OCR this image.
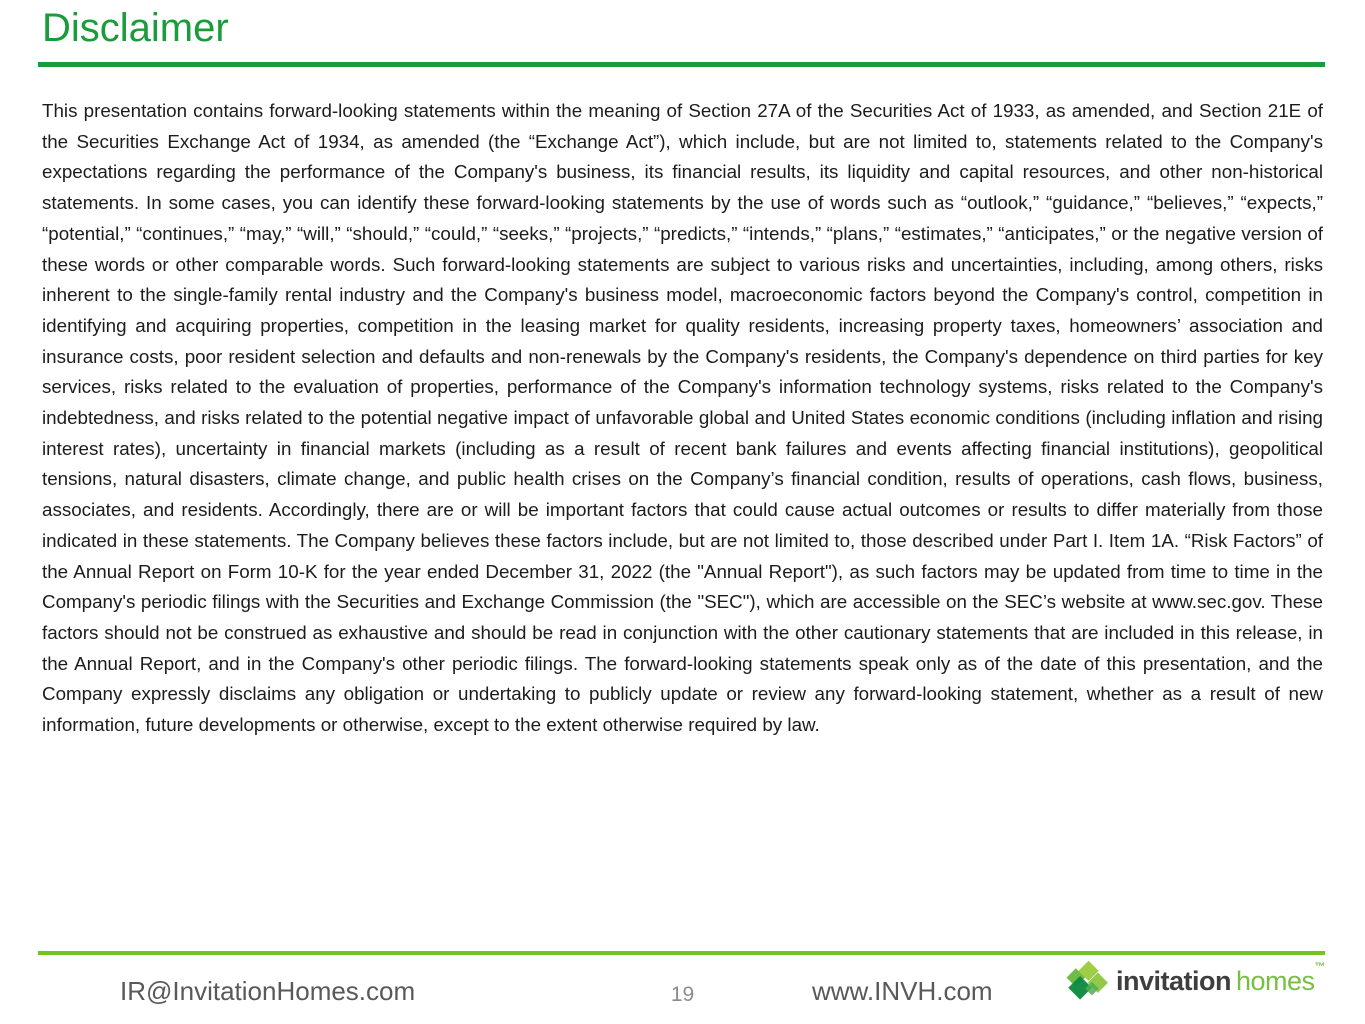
Disclaimer

This presentation contains forward-looking statements within the meaning of Section 27A of the Securities Act of 1933, as amended, and Section 21E of the Securities Exchange Act of 1934, as amended (the “Exchange Act”), which include, but are not limited to, statements related to the Company's expectations regarding the performance of the Company's business, its financial results, its liquidity and capital resources, and other non-historical statements. In some cases, you can identify these forward-looking statements by the use of words such as “outlook,” “guidance,” “believes,” “expects,” “potential,” “continues,” “may,” “will,” “should,” “could,” “seeks,” “projects,” “predicts,” “intends,” “plans,” “estimates,” “anticipates,” or the negative version of these words or other comparable words. Such forward-looking statements are subject to various risks and uncertainties, including, among others, risks inherent to the single-family rental industry and the Company's business model, macroeconomic factors beyond the Company's control, competition in identifying and acquiring properties, competition in the leasing market for quality residents, increasing property taxes, homeowners’ association and insurance costs, poor resident selection and defaults and non-renewals by the Company's residents, the Company's dependence on third parties for key services, risks related to the evaluation of properties, performance of the Company's information technology systems, risks related to the Company's indebtedness, and risks related to the potential negative impact of unfavorable global and United States economic conditions (including inflation and rising interest rates), uncertainty in financial markets (including as a result of recent bank failures and events affecting financial institutions), geopolitical tensions, natural disasters, climate change, and public health crises on the Company’s financial condition, results of operations, cash flows, business, associates, and residents. Accordingly, there are or will be important factors that could cause actual outcomes or results to differ materially from those indicated in these statements. The Company believes these factors include, but are not limited to, those described under Part I. Item 1A. “Risk Factors” of the Annual Report on Form 10-K for the year ended December 31, 2022 (the "Annual Report"), as such factors may be updated from time to time in the Company's periodic filings with the Securities and Exchange Commission (the "SEC"), which are accessible on the SEC’s website at www.sec.gov. These factors should not be construed as exhaustive and should be read in conjunction with the other cautionary statements that are included in this release, in the Annual Report, and in the Company's other periodic filings. The forward-looking statements speak only as of the date of this presentation, and the Company expressly disclaims any obligation or undertaking to publicly update or review any forward-looking statement, whether as a result of new information, future developments or otherwise, except to the extent otherwise required by law.

IR@InvitationHomes.com	19	www.INVH.com	invitation homes™
